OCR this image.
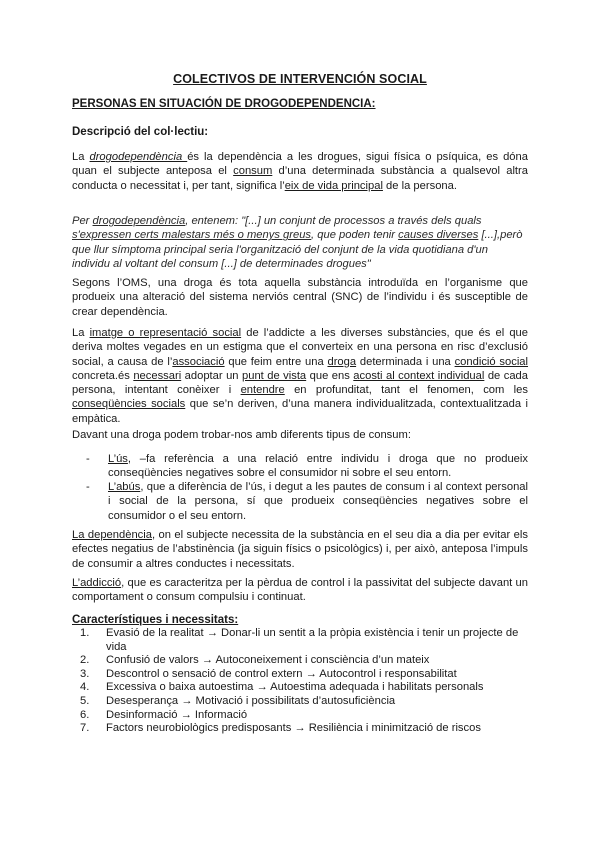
COLECTIVOS DE INTERVENCIÓN SOCIAL
PERSONAS EN SITUACIÓN DE DROGODEPENDENCIA:
Descripció del col·lectiu:

La drogodependència és la dependència a les drogues, sigui física o psíquica, es dóna quan el subjecte anteposa el consum d’una determinada substància a qualsevol altra conducta o necessitat i, per tant, significa l’eix de vida principal de la persona.

Per drogodependència, entenem: "[...] un conjunt de processos a través dels quals s'expressen certs malestars més o menys greus, que poden tenir causes diverses [...],però que llur símptoma principal seria l'organització del conjunt de la vida quotidiana d'un individu al voltant del consum [...] de determinades drogues"

Segons l’OMS, una droga és tota aquella substància introduïda en l’organisme que produeix una alteració del sistema nerviós central (SNC) de l’individu i és susceptible de crear dependència.

La imatge o representació social de l’addicte a les diverses substàncies, que és el que deriva moltes vegades en un estigma que el converteix en una persona en risc d’exclusió social, a causa de l’associació que feim entre una droga determinada i una condició social concreta.és necessari adoptar un punt de vista que ens acosti al context individual de cada persona, intentant conèixer i entendre en profunditat, tant el fenomen, com les conseqüències socials que se’n deriven, d’una manera individualitzada, contextualitzada i empàtica.

Davant una droga podem trobar-nos amb diferents tipus de consum:

- L’ús, –fa referència a una relació entre individu i droga que no produeix conseqüències negatives sobre el consumidor ni sobre el seu entorn.
- L’abús, que a diferència de l’ús, i degut a les pautes de consum i al context personal i social de la persona, sí que produeix conseqüències negatives sobre el consumidor o el seu entorn.

La dependència, on el subjecte necessita de la substància en el seu dia a dia per evitar els efectes negatius de l’abstinència (ja siguin físics o psicològics) i, per això, anteposa l’impuls de consumir a altres conductes i necessitats.

L’addicció, que es caracteritza per la pèrdua de control i la passivitat del subjecte davant un comportament o consum compulsiu i continuat.

Característiques i necessitats:
1. Evasió de la realitat → Donar-li un sentit a la pròpia existència i tenir un projecte de vida
2. Confusió de valors → Autoconeixement i consciència d’un mateix
3. Descontrol o sensació de control extern → Autocontrol i responsabilitat
4. Excessiva o baixa autoestima → Autoestima adequada i habilitats personals
5. Desesperança → Motivació i possibilitats d’autosuficiència
6. Desinformació → Informació
7. Factors neurobiològics predisposants → Resiliència i minimització de riscos
